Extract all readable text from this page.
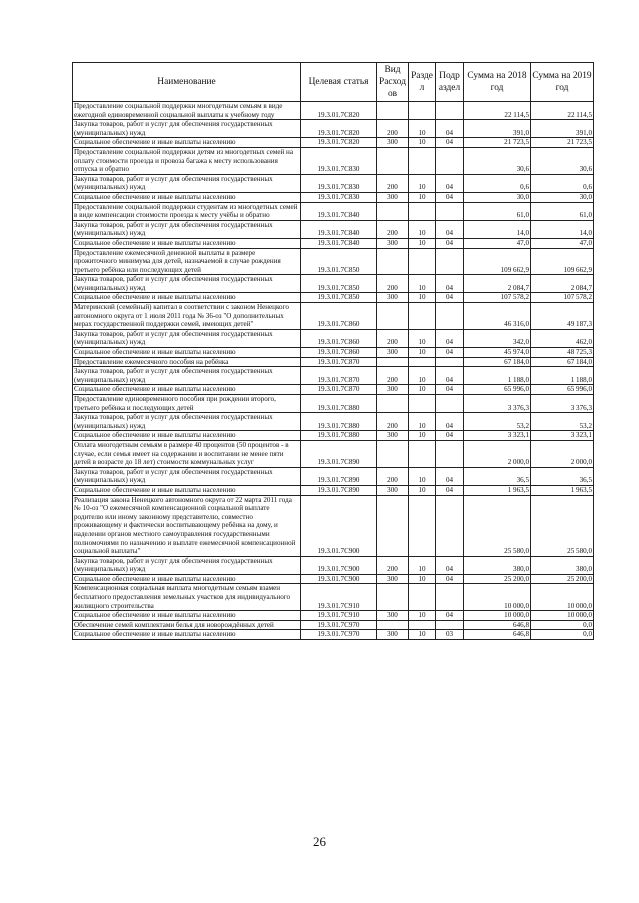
Наименование	Целевая статья	Вид Расход ов	Разде л	Подр аздел	Сумма на 2018 год	Сумма на 2019 год
Предоставление социальной поддержки многодетным семьям в виде ежегодной единовременной социальной выплаты к учебному году	19.3.01.7С820				22 114,5	22 114,5
Закупка товаров, работ и услуг для обеспечения государственных (муниципальных) нужд	19.3.01.7С820	200	10	04	391,0	391,0
Социальное обеспечение и иные выплаты населению	19.3.01.7С820	300	10	04	21 723,5	21 723,5
Предоставление социальной поддержки детям из многодетных семей на оплату стоимости проезда и провоза багажа к месту использования отпуска и обратно	19.3.01.7С830				30,6	30,6
Закупка товаров, работ и услуг для обеспечения государственных (муниципальных) нужд	19.3.01.7С830	200	10	04	0,6	0,6
Социальное обеспечение и иные выплаты населению	19.3.01.7С830	300	10	04	30,0	30,0
Предоставление социальной поддержки студентам из многодетных семей в виде компенсации стоимости проезда к месту учёбы и обратно	19.3.01.7С840				61,0	61,0
Закупка товаров, работ и услуг для обеспечения государственных (муниципальных) нужд	19.3.01.7С840	200	10	04	14,0	14,0
Социальное обеспечение и иные выплаты населению	19.3.01.7С840	300	10	04	47,0	47,0
Предоставление ежемесячной денежной выплаты в размере прожиточного минимума для детей, назначаемой в случае рождения третьего ребёнка или последующих детей	19.3.01.7С850				109 662,9	109 662,9
Закупка товаров, работ и услуг для обеспечения государственных (муниципальных) нужд	19.3.01.7С850	200	10	04	2 084,7	2 084,7
Социальное обеспечение и иные выплаты населению	19.3.01.7С850	300	10	04	107 578,2	107 578,2
Материнский (семейный) капитал в соответствии с законом Ненецкого автономного округа от 1 июля 2011 года № 36-оз "О дополнительных мерах государственной поддержки семей, имеющих детей"	19.3.01.7С860				46 316,0	49 187,3
Закупка товаров, работ и услуг для обеспечения государственных (муниципальных) нужд	19.3.01.7С860	200	10	04	342,0	462,0
Социальное обеспечение и иные выплаты населению	19.3.01.7С860	300	10	04	45 974,0	48 725,3
Предоставление ежемесячного пособия на ребёнка	19.3.01.7С870				67 184,0	67 184,0
Закупка товаров, работ и услуг для обеспечения государственных (муниципальных) нужд	19.3.01.7С870	200	10	04	1 188,0	1 188,0
Социальное обеспечение и иные выплаты населению	19.3.01.7С870	300	10	04	65 996,0	65 996,0
Предоставление единовременного пособия при рождении второго, третьего ребёнка и последующих детей	19.3.01.7С880				3 376,3	3 376,3
Закупка товаров, работ и услуг для обеспечения государственных (муниципальных) нужд	19.3.01.7С880	200	10	04	53,2	53,2
Социальное обеспечение и иные выплаты населению	19.3.01.7С880	300	10	04	3 323,1	3 323,1
Оплата многодетным семьям в размере 40 процентов (50 процентов - в случае, если семья имеет на содержании и воспитании не менее пяти детей в возрасте до 18 лет) стоимости коммунальных услуг	19.3.01.7С890				2 000,0	2 000,0
Закупка товаров, работ и услуг для обеспечения государственных (муниципальных) нужд	19.3.01.7С890	200	10	04	36,5	36,5
Социальное обеспечение и иные выплаты населению	19.3.01.7С890	300	10	04	1 963,5	1 963,5
Реализация закона Ненецкого автономного округа от 22 марта 2011 года № 10-оз "О ежемесячной компенсационной социальной выплате родителю или иному законному представителю, совместно проживающему и фактически воспитывающему ребёнка на дому, и наделении органов местного самоуправления государственными полномочиями по назначению и выплате ежемесячной компенсационной социальной выплаты"	19.3.01.7С900				25 580,0	25 580,0
Закупка товаров, работ и услуг для обеспечения государственных (муниципальных) нужд	19.3.01.7С900	200	10	04	380,0	380,0
Социальное обеспечение и иные выплаты населению	19.3.01.7С900	300	10	04	25 200,0	25 200,0
Компенсационная социальная выплата многодетным семьям взамен бесплатного предоставления земельных участков для индивидуального жилищного строительства	19.3.01.7С910				10 000,0	10 000,0
Социальное обеспечение и иные выплаты населению	19.3.01.7С910	300	10	04	10 000,0	10 000,0
Обеспечение семей комплектами белья для новорождённых детей	19.3.01.7С970				646,8	0,0
Социальное обеспечение и иные выплаты населению	19.3.01.7С970	300	10	03	646,8	0,0
26
